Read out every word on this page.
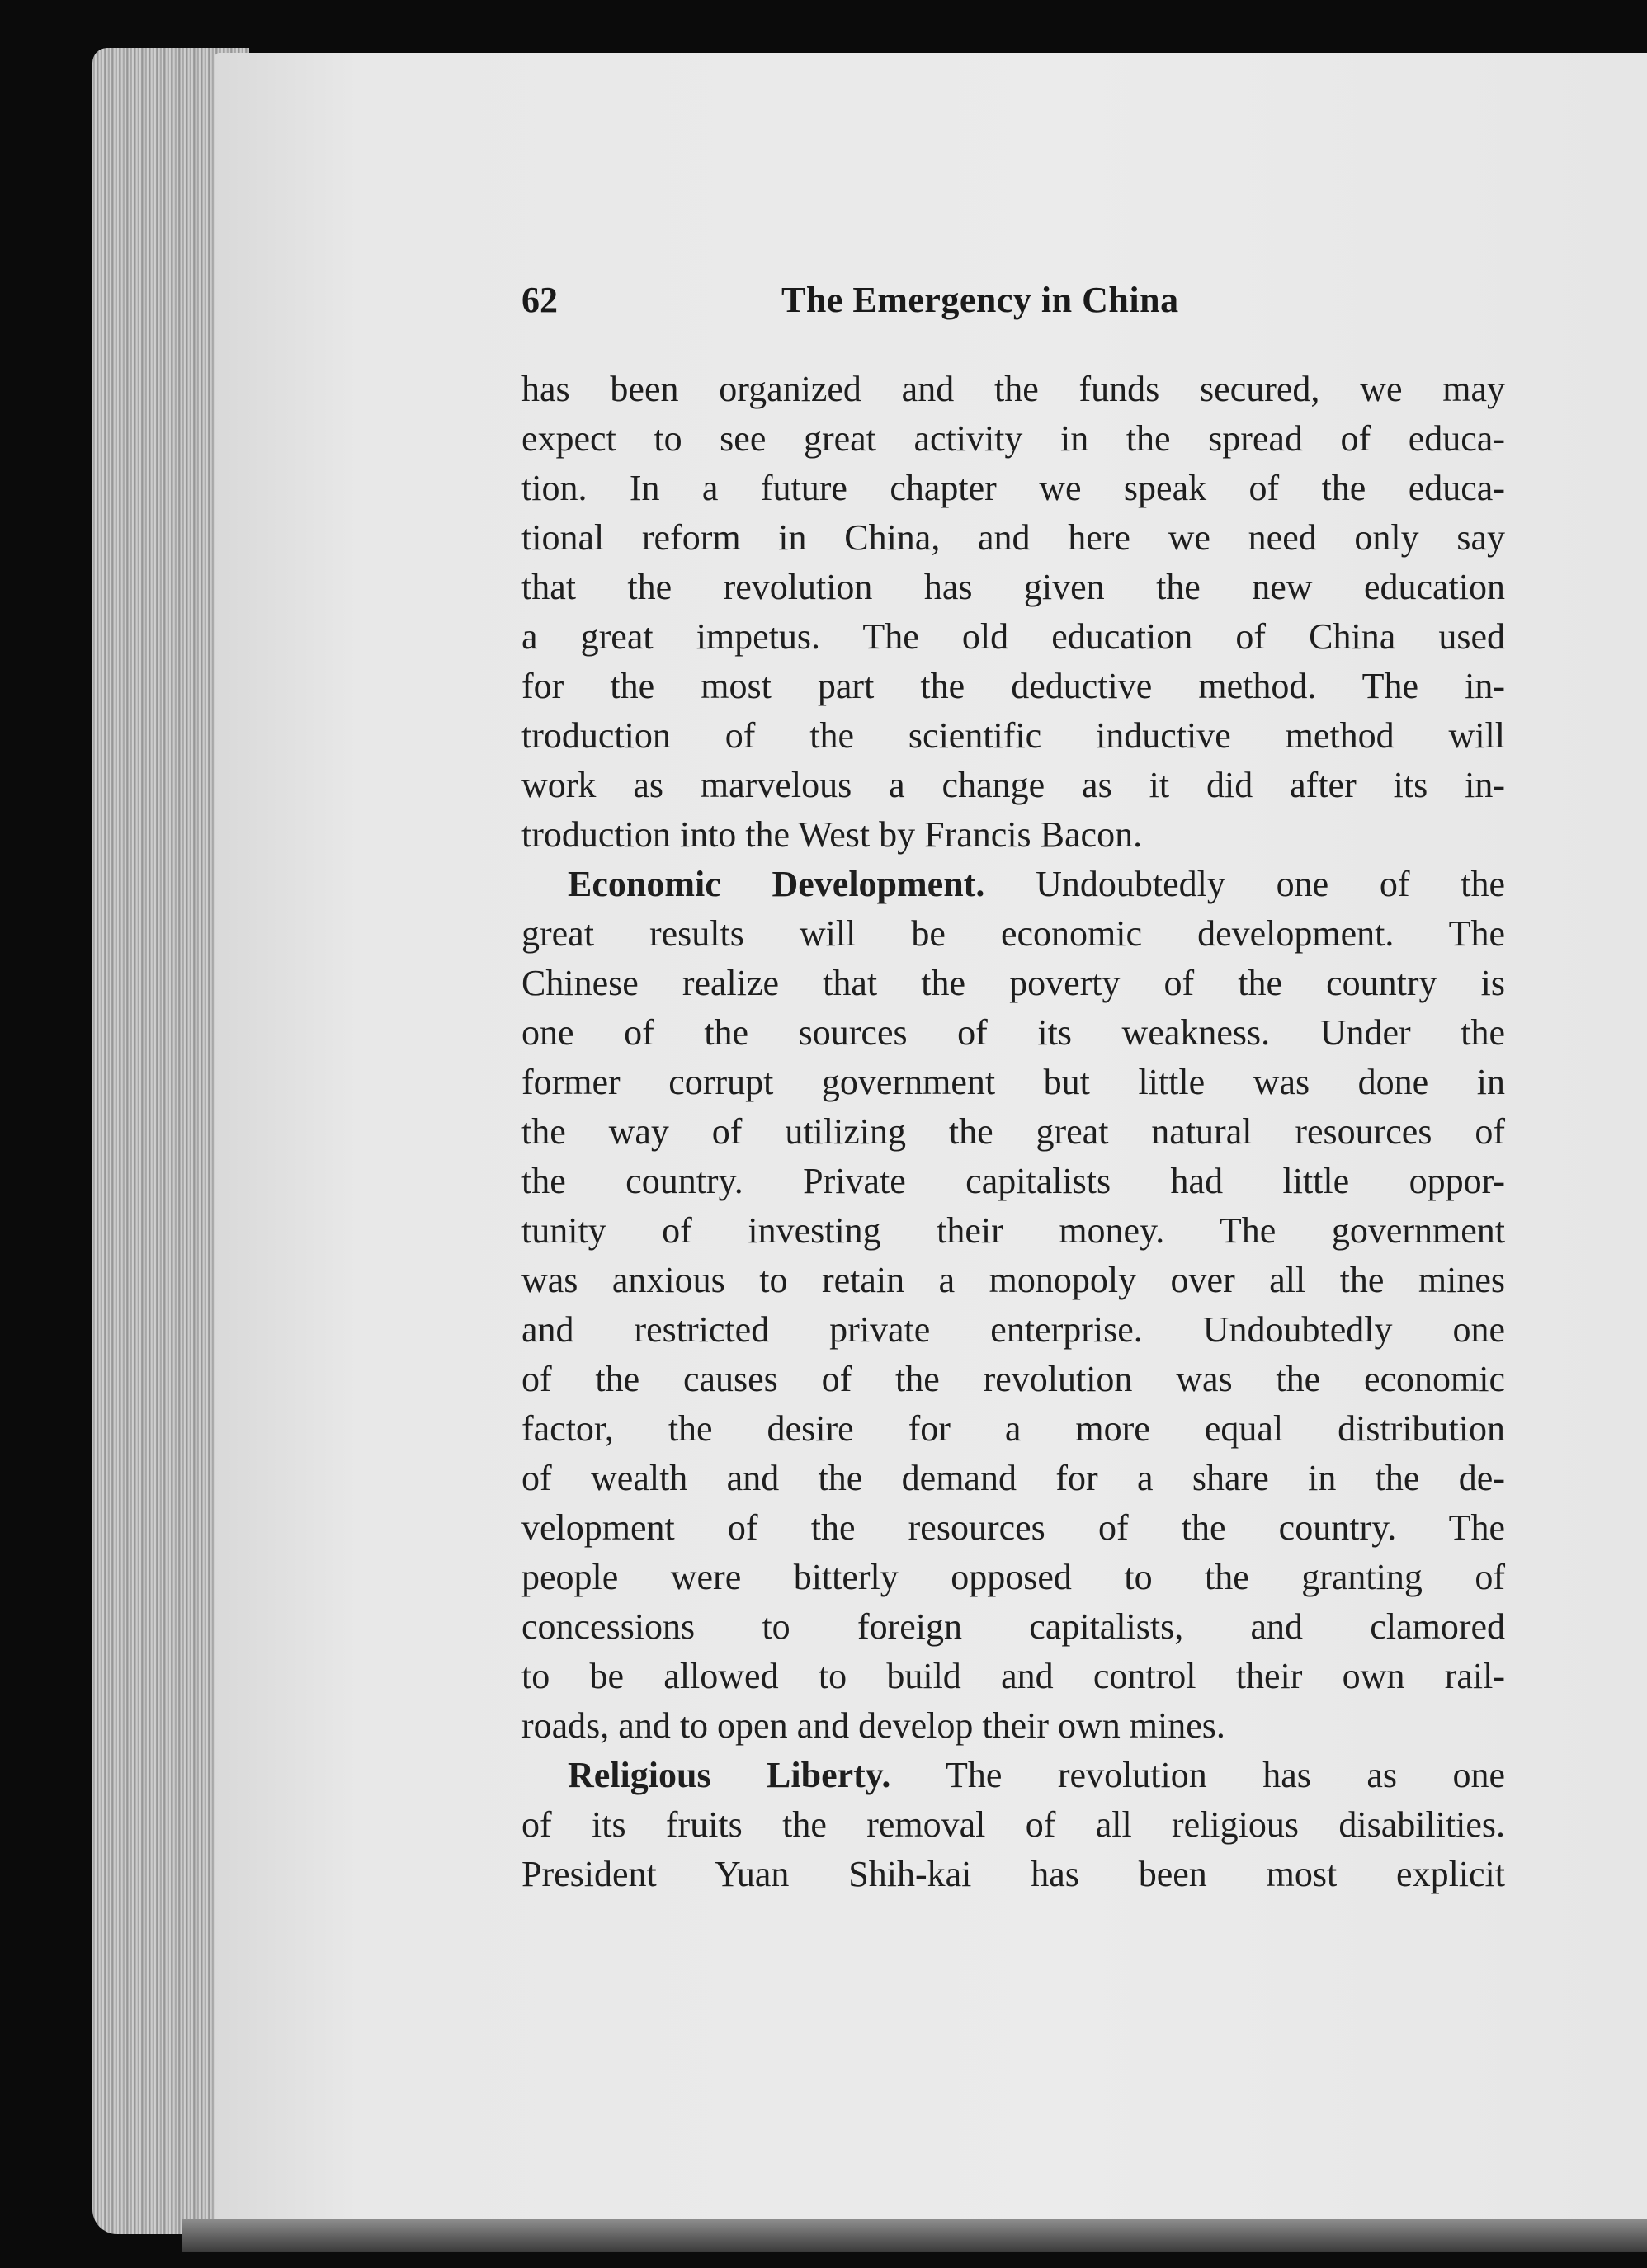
62	The Emergency in China
has been organized and the funds secured, we may
expect to see great activity in the spread of educa-
tion. In a future chapter we speak of the educa-
tional reform in China, and here we need only say
that the revolution has given the new education
a great impetus. The old education of China used
for the most part the deductive method. The in-
troduction of the scientific inductive method will
work as marvelous a change as it did after its in-
troduction into the West by Francis Bacon.
Economic Development. Undoubtedly one of the
great results will be economic development. The
Chinese realize that the poverty of the country is
one of the sources of its weakness. Under the
former corrupt government but little was done in
the way of utilizing the great natural resources of
the country. Private capitalists had little oppor-
tunity of investing their money. The government
was anxious to retain a monopoly over all the mines
and restricted private enterprise. Undoubtedly one
of the causes of the revolution was the economic
factor, the desire for a more equal distribution
of wealth and the demand for a share in the de-
velopment of the resources of the country. The
people were bitterly opposed to the granting of
concessions to foreign capitalists, and clamored
to be allowed to build and control their own rail-
roads, and to open and develop their own mines.
Religious Liberty. The revolution has as one
of its fruits the removal of all religious disabilities.
President Yuan Shih-kai has been most explicit
